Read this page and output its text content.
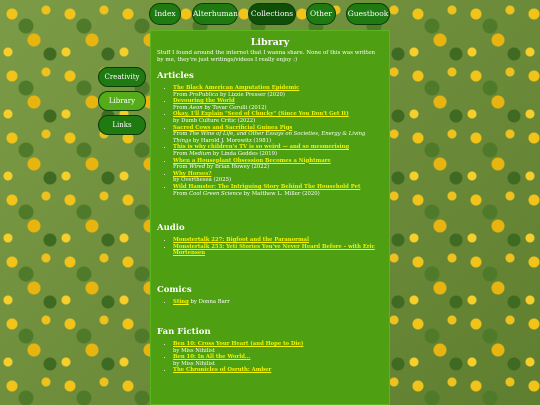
Index	Alterhuman	Collections	Other	Guestbook
Creativity
Library
Links
Library

Stuff I found around the internet that I wanna share. None of this was written by me, they're just writings/videos I really enjoy :)

Articles
• The Black American Amputation Epidemic
From ProPublica by Lizzie Presser (2020)
• Devouring the World
From Aeon by Tovar Cerulli (2012)
• Okay, I'll Explain "Seed of Chucky" (Since You Don't Get It)
by Dumb Culture Critic (2022)
• Sacred Cows and Sacrificial Guinea Pigs
From The Wine of Life, and Other Essays on Societies, Energy & Living Things by Harold J. Morowitz (1981)
• This is why children's TV is so weird — and so mesmerising
From Medium by Linda Geddes (2019)
• When a Houseplant Obsession Becomes a Nightmare
From Wired by Brian Howey (2022)
• Why Horses?
by Overthesea (2025)
• Wild Hamster: The Intriguing Story Behind The Household Pet
From Cool Green Science by Matthew L. Miller (2020)
Audio
• Monstertalk 227: Bigfoot and the Paranormal
• Monstertalk 253: Yeti Stories You've Never Heard Before – with Eric Mortensen
Comics
• Sting by Donna Barr
Fan Fiction
• Ben 10: Cross Your Heart (and Hope to Die)
by Miss Nihilist
• Ben 10: In All the World...
by Miss Nihilist
• The Chronicles of Osruth: Amber
